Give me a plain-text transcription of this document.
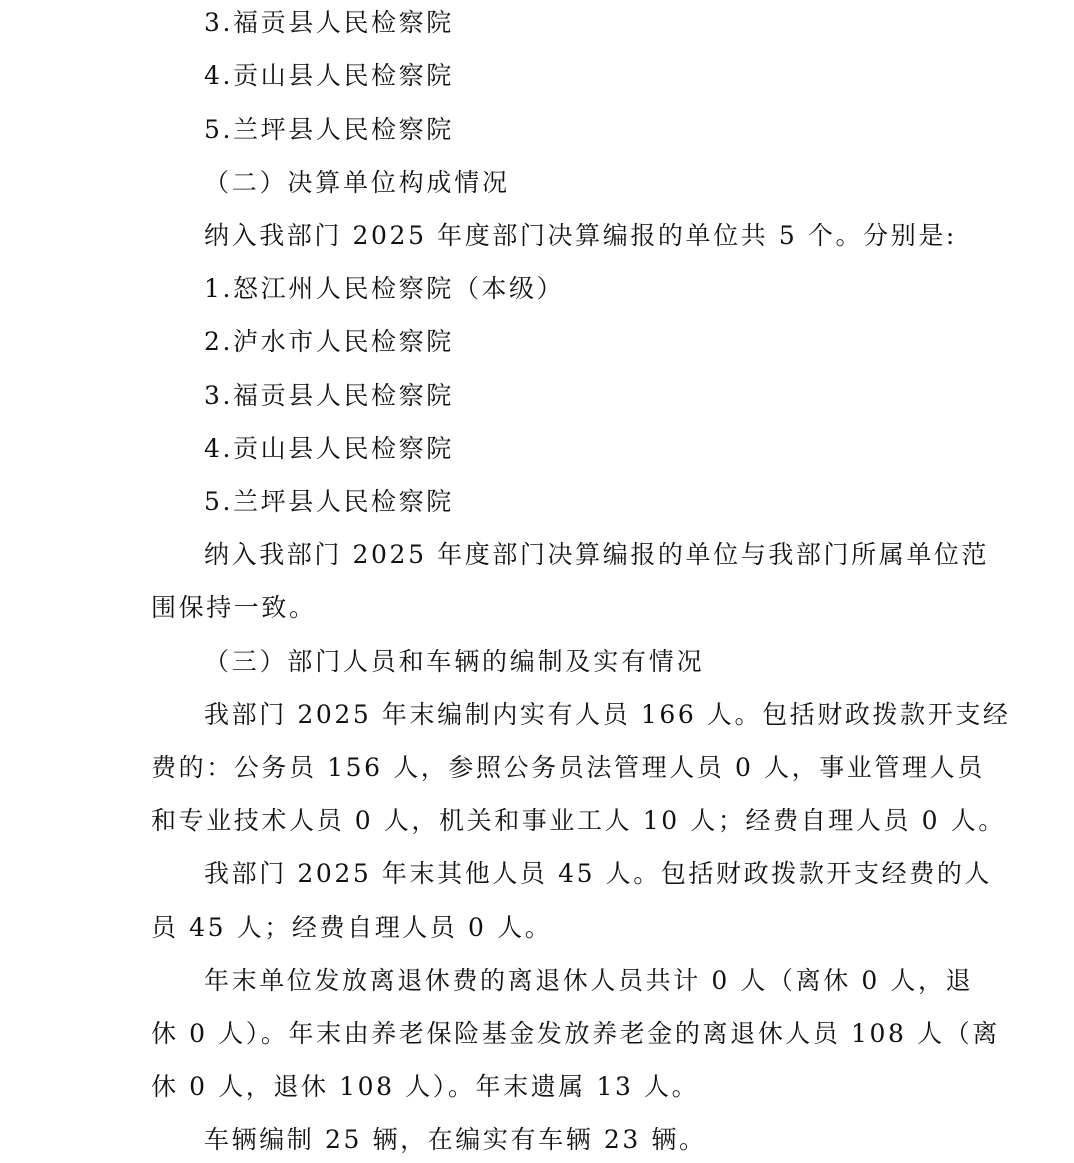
3.福贡县人民检察院
4.贡山县人民检察院
5.兰坪县人民检察院
（二）决算单位构成情况
纳入我部门 2025 年度部门决算编报的单位共 5 个。分别是:
1.怒江州人民检察院（本级）
2.泸水市人民检察院
3.福贡县人民检察院
4.贡山县人民检察院
5.兰坪县人民检察院
纳入我部门 2025 年度部门决算编报的单位与我部门所属单位范
围保持一致。
（三）部门人员和车辆的编制及实有情况
我部门 2025 年末编制内实有人员 166 人。包括财政拨款开支经
费的：公务员 156 人，参照公务员法管理人员 0 人，事业管理人员
和专业技术人员 0 人，机关和事业工人 10 人；经费自理人员 0 人。
我部门 2025 年末其他人员 45 人。包括财政拨款开支经费的人
员 45 人；经费自理人员 0 人。
年末单位发放离退休费的离退休人员共计 0 人（离休 0 人，退
休 0 人）。年末由养老保险基金发放养老金的离退休人员 108 人（离
休 0 人，退休 108 人）。年末遗属 13 人。
车辆编制 25 辆，在编实有车辆 23 辆。
